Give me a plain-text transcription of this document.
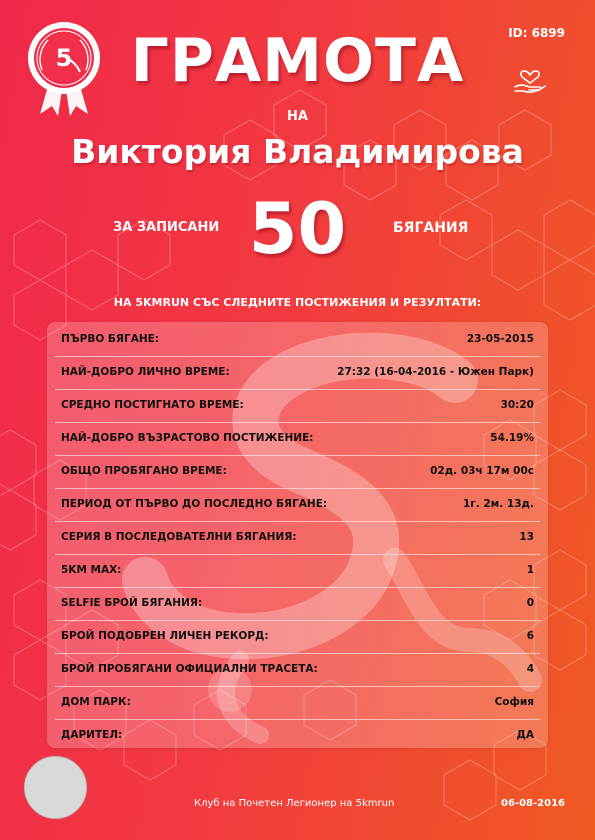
5
ID: 6899
ГРАМОТА
НА
Виктория Владимирова
ЗА ЗАПИСАНИ 50	БЯГАНИЯ
НА 5KMRUN СЪС СЛЕДНИТЕ ПОСТИЖЕНИЯ И РЕЗУЛТАТИ:
ПЪРВО БЯГАНЕ:	23-05-2015
НАЙ-ДОБРО ЛИЧНО ВРЕМЕ:	27:32 (16-04-2016 - Южен Парк)
СРЕДНО ПОСТИГНАТО ВРЕМЕ:	30:20
НАЙ-ДОБРО ВЪЗРАСТОВО ПОСТИЖЕНИЕ:	54.19%
ОБЩО ПРОБЯГАНО ВРЕМЕ:	02д. 03ч 17м 00с
ПЕРИОД ОТ ПЪРВО ДО ПОСЛЕДНО БЯГАНЕ:	1г. 2м. 13д.
СЕРИЯ В ПОСЛЕДОВАТЕЛНИ БЯГАНИЯ:	13
5KM MAX:	1
SELFIE БРОЙ БЯГАНИЯ:	0
БРОЙ ПОДОБРЕН ЛИЧЕН РЕКОРД:	6
БРОЙ ПРОБЯГАНИ ОФИЦИАЛНИ ТРАСЕТА:	4
ДОМ ПАРК:	София
ДАРИТЕЛ:	ДА
Клуб на Почетен Легионер на 5kmrun	06-08-2016
